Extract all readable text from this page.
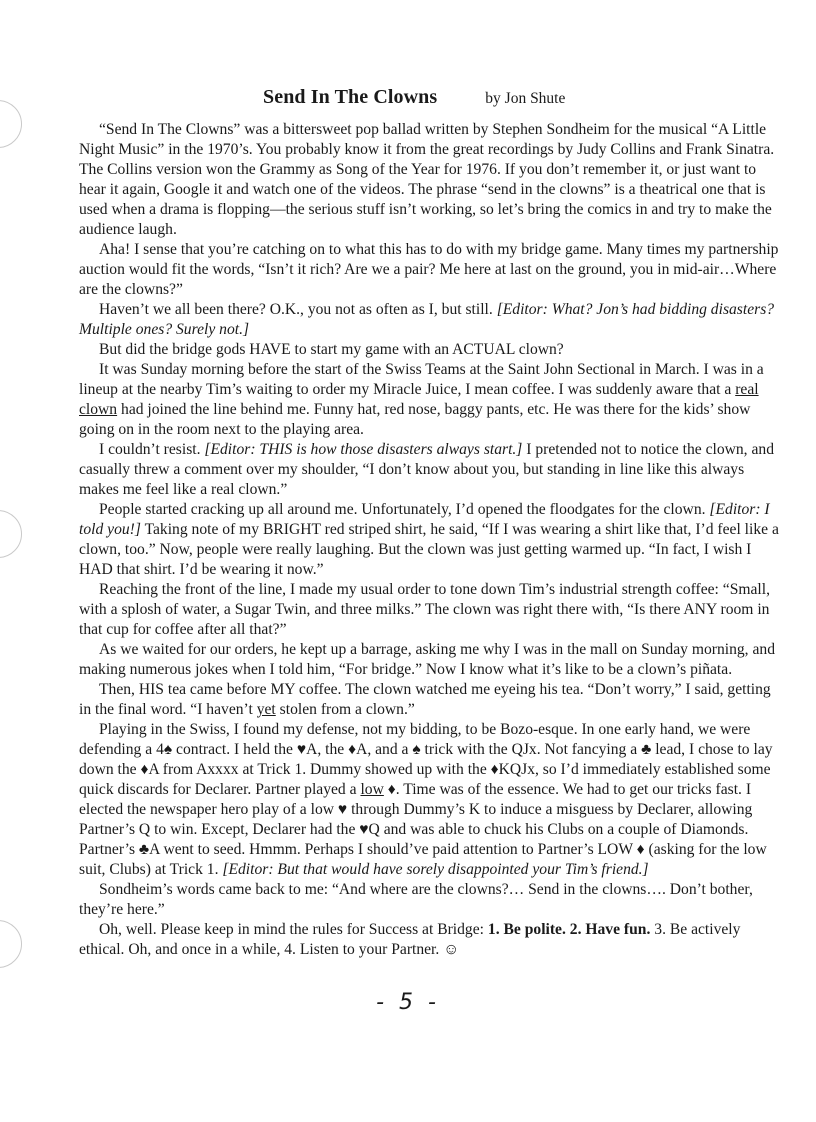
Send In The Clowns	by Jon Shute

“Send In The Clowns” was a bittersweet pop ballad written by Stephen Sondheim for the musical “A Little Night Music” in the 1970’s. You probably know it from the great recordings by Judy Collins and Frank Sinatra. The Collins version won the Grammy as Song of the Year for 1976. If you don’t remember it, or just want to hear it again, Google it and watch one of the videos. The phrase “send in the clowns” is a theatrical one that is used when a drama is flopping—the serious stuff isn’t working, so let’s bring the comics in and try to make the audience laugh.

Aha! I sense that you’re catching on to what this has to do with my bridge game. Many times my partnership auction would fit the words, “Isn’t it rich? Are we a pair? Me here at last on the ground, you in mid-air…Where are the clowns?”

Haven’t we all been there? O.K., you not as often as I, but still. [Editor: What? Jon’s had bidding disasters? Multiple ones? Surely not.]

But did the bridge gods HAVE to start my game with an ACTUAL clown?

It was Sunday morning before the start of the Swiss Teams at the Saint John Sectional in March. I was in a lineup at the nearby Tim’s waiting to order my Miracle Juice, I mean coffee. I was suddenly aware that a real clown had joined the line behind me. Funny hat, red nose, baggy pants, etc. He was there for the kids’ show going on in the room next to the playing area.

I couldn’t resist. [Editor: THIS is how those disasters always start.] I pretended not to notice the clown, and casually threw a comment over my shoulder, “I don’t know about you, but standing in line like this always makes me feel like a real clown.”

People started cracking up all around me. Unfortunately, I’d opened the floodgates for the clown. [Editor: I told you!] Taking note of my BRIGHT red striped shirt, he said, “If I was wearing a shirt like that, I’d feel like a clown, too.” Now, people were really laughing. But the clown was just getting warmed up. “In fact, I wish I HAD that shirt. I’d be wearing it now.”

Reaching the front of the line, I made my usual order to tone down Tim’s industrial strength coffee: “Small, with a splosh of water, a Sugar Twin, and three milks.” The clown was right there with, “Is there ANY room in that cup for coffee after all that?”

As we waited for our orders, he kept up a barrage, asking me why I was in the mall on Sunday morning, and making numerous jokes when I told him, “For bridge.” Now I know what it’s like to be a clown’s piñata.

Then, HIS tea came before MY coffee. The clown watched me eyeing his tea. “Don’t worry,” I said, getting in the final word. “I haven’t yet stolen from a clown.”

Playing in the Swiss, I found my defense, not my bidding, to be Bozo-esque. In one early hand, we were defending a 4♠ contract. I held the ♥A, the ♦A, and a ♠ trick with the QJx. Not fancying a ♣ lead, I chose to lay down the ♦A from Axxxx at Trick 1. Dummy showed up with the ♦KQJx, so I’d immediately established some quick discards for Declarer. Partner played a low ♦. Time was of the essence. We had to get our tricks fast. I elected the newspaper hero play of a low ♥ through Dummy’s K to induce a misguess by Declarer, allowing Partner’s Q to win. Except, Declarer had the ♥Q and was able to chuck his Clubs on a couple of Diamonds. Partner’s ♣A went to seed. Hmmm. Perhaps I should’ve paid attention to Partner’s LOW ♦ (asking for the low suit, Clubs) at Trick 1. [Editor: But that would have sorely disappointed your Tim’s friend.]

Sondheim’s words came back to me: “And where are the clowns?… Send in the clowns…. Don’t bother, they’re here.”

Oh, well. Please keep in mind the rules for Success at Bridge: 1. Be polite. 2. Have fun. 3. Be actively ethical. Oh, and once in a while, 4. Listen to your Partner. ☺

- 5 -
